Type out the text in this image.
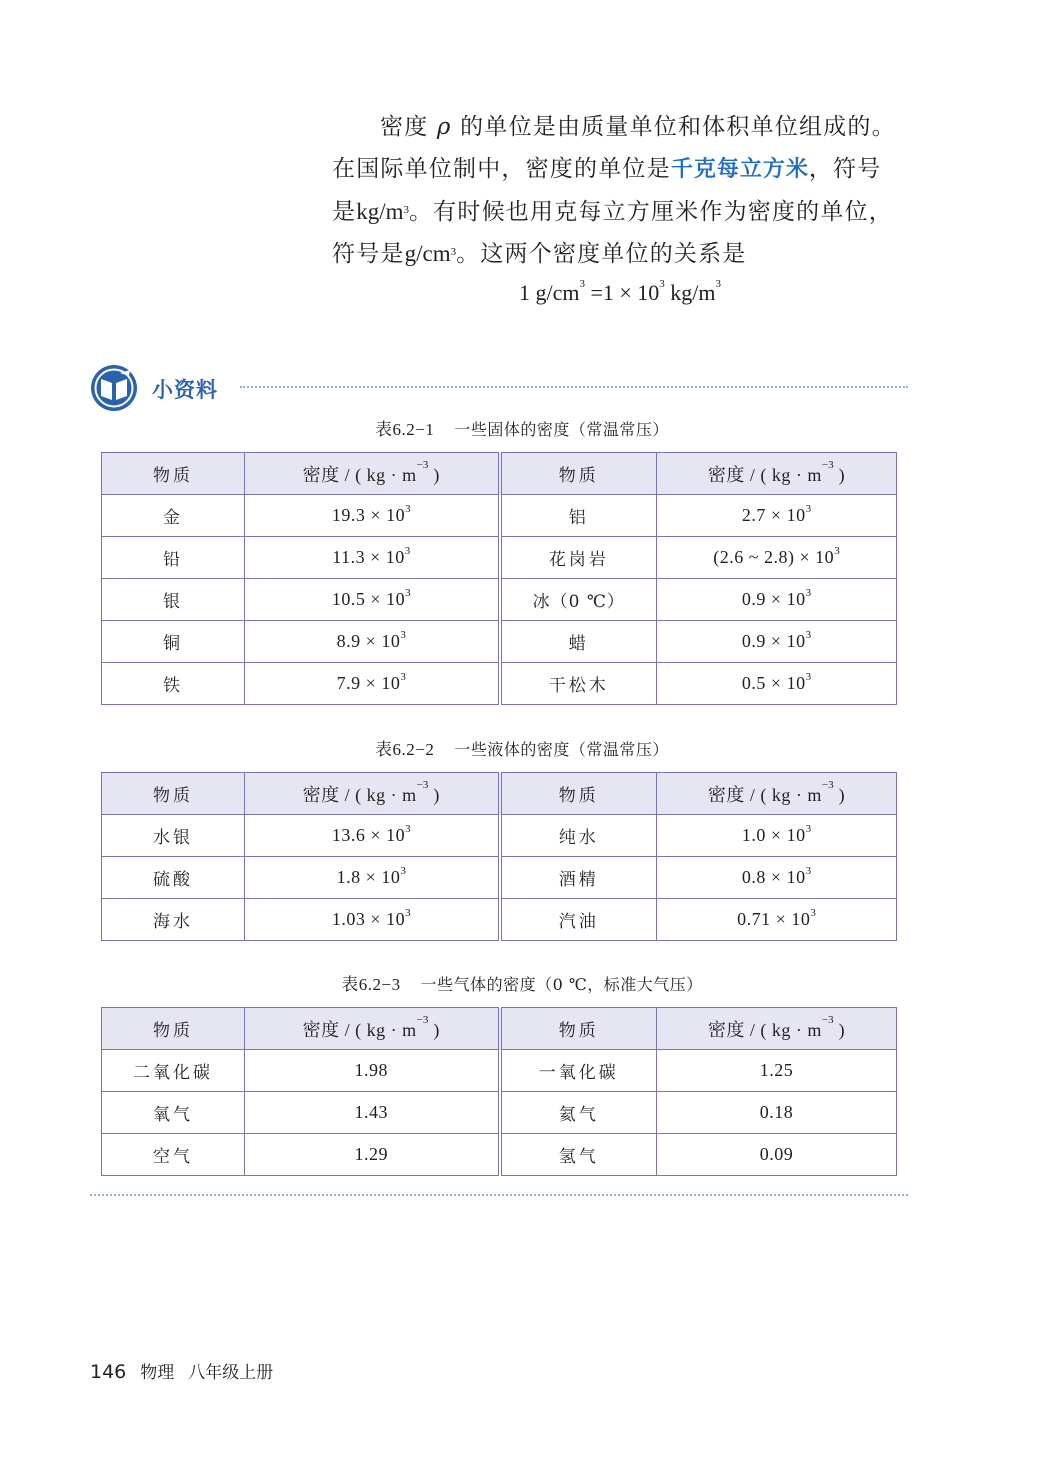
密度 ρ 的单位是由质量单位和体积单位组成的。
在国际单位制中，密度的单位是千克每立方米，符号
是$kg/m^3$。有时候也用克每立方厘米作为密度的单位，
符号是$g/cm^3$。这两个密度单位的关系是
1 $g/cm^3 =1 \times 10^3$ $kg/m^3$
小资料
表6.2−1 一些固体的密度（常温常压）
物质	密度 / ( kg · $m^{-3}$ )	物质	密度 / ( kg · $m^{-3}$ )
金	$19.3 \times 10^3$	铝	$2.7 \times 10^3$
铅	$11.3 \times 10^3$	花岗岩	(2.6 ~ $2.8) \times 10^3$
银	$10.5 \times 10^3$	冰（0 ℃）	$0.9 \times 10^3$
铜	$8.9 \times 10^3$	蜡	$0.9 \times 10^3$
铁	$7.9 \times 10^3$	干松木	$0.5 \times 10^3$
表6.2−2 一些液体的密度（常温常压）
物质	密度 / ( kg · $m^{-3}$ )	物质	密度 / ( kg · $m^{-3}$ )
水银	$13.6 \times 10^3$	纯水	$1.0 \times 10^3$
硫酸	$1.8 \times 10^3$	酒精	$0.8 \times 10^3$
海水	$1.03 \times 10^3$	汽油	$0.71 \times 10^3$
表6.2−3 一些气体的密度（0 ℃，标准大气压）
物质	密度 / ( kg · $m^{-3}$ )	物质	密度 / ( kg · $m^{-3}$ )
二氧化碳	1.98	一氧化碳	1.25
氧气	1.43	氦气	0.18
空气	1.29	氢气	0.09
146 物理 八年级上册
